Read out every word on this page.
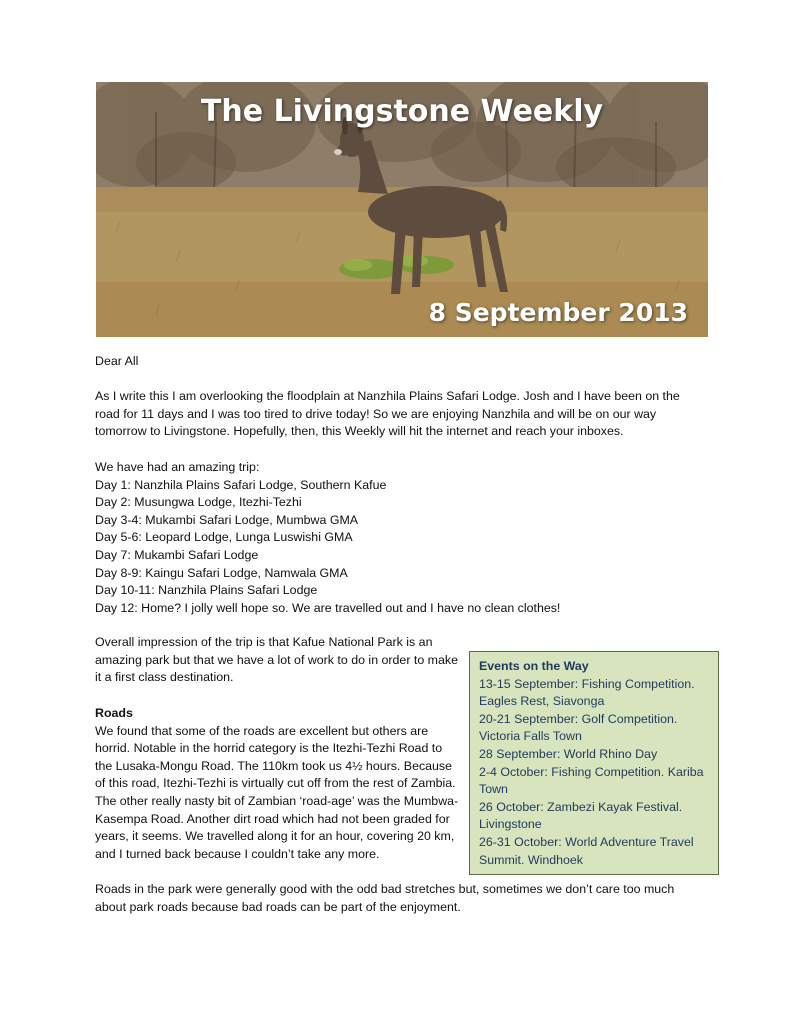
The Livingstone Weekly
8 September 2013

Dear All

As I write this I am overlooking the floodplain at Nanzhila Plains Safari Lodge. Josh and I have been on the road for 11 days and I was too tired to drive today! So we are enjoying Nanzhila and will be on our way tomorrow to Livingstone. Hopefully, then, this Weekly will hit the internet and reach your inboxes.

We have had an amazing trip:
Day 1: Nanzhila Plains Safari Lodge, Southern Kafue
Day 2: Musungwa Lodge, Itezhi-Tezhi
Day 3-4: Mukambi Safari Lodge, Mumbwa GMA
Day 5-6: Leopard Lodge, Lunga Luswishi GMA
Day 7: Mukambi Safari Lodge
Day 8-9: Kaingu Safari Lodge, Namwala GMA
Day 10-11: Nanzhila Plains Safari Lodge
Day 12: Home? I jolly well hope so. We are travelled out and I have no clean clothes!

Overall impression of the trip is that Kafue National Park is an amazing park but that we have a lot of work to do in order to make it a first class destination.

Roads

We found that some of the roads are excellent but others are horrid. Notable in the horrid category is the Itezhi-Tezhi Road to the Lusaka-Mongu Road. The 110km took us 4½ hours. Because of this road, Itezhi-Tezhi is virtually cut off from the rest of Zambia. The other really nasty bit of Zambian ‘road-age’ was the Mumbwa-Kasempa Road. Another dirt road which had not been graded for years, it seems. We travelled along it for an hour, covering 20 km, and I turned back because I couldn’t take any more.

Roads in the park were generally good with the odd bad stretches but, sometimes we don’t care too much about park roads because bad roads can be part of the enjoyment.

Events on the Way
13-15 September: Fishing Competition. Eagles Rest, Siavonga
20-21 September: Golf Competition. Victoria Falls Town
28 September: World Rhino Day
2-4 October: Fishing Competition. Kariba Town
26 October: Zambezi Kayak Festival. Livingstone
26-31 October: World Adventure Travel Summit. Windhoek
